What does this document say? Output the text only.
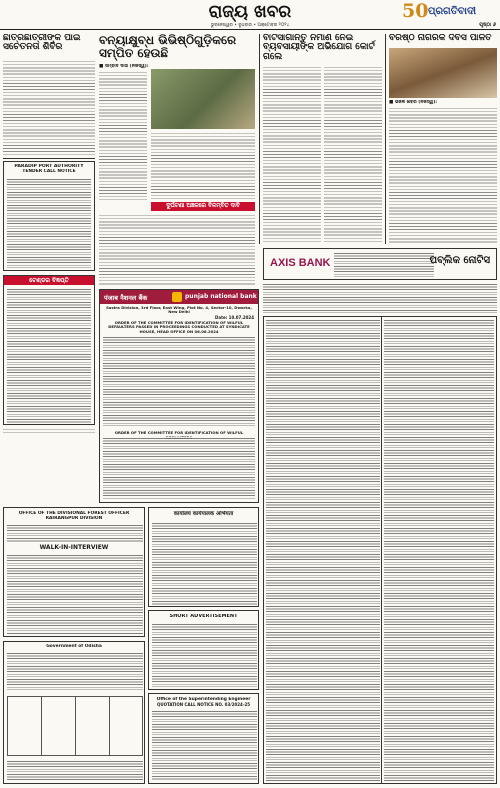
ରାଜ୍ୟ ଖବର
ଭୁବନେଶ୍ୱର • ବୁଧବାର • ଅକ୍ଟୋବର ୨୦୨୪	ପୃଷ୍ଠା ୬
50 ପ୍ରଗତିବାଦୀ
ଛାତ୍ରଛାତ୍ରୀଙ୍କ ପାଇଁ ସଚେତନତା ଶିବିର
PARADIP PORT AUTHORITY
TENDER CALL NOTICE
ଟେଣ୍ଡର ବିଜ୍ଞପ୍ତି
ବନ୍ୟାକ୍ଷୁବ୍ଧ ଭିଭିଷ୍ଠିଗୁଡ଼ିକରେ ସମ୍ପିତ ହେଉଛି
■ ସମ୍ବାଦ ଦାତା (ନିଜସ୍ୱ):
ଦୁର୍ଘଟଣା ଅଞ୍ଚଳରେ ବିଳମ୍ବିତ ଦାବି
ବାଟସାଗାନ୍ତୁ ନିର୍ମାଣ ନେଇ ବ୍ୟବସାୟୀଙ୍କ ଅଭିଯୋଗ କୋର୍ଟ ଗଲେ
ବରିଷ୍ଠ ନାଗରିକ ଦିବସ ପାଳିତ
■ ଭିଜଳ ଖବର (ନିଜସ୍ୱ):
AXIS BANK	ପବ୍ଲିକ ନୋଟିସ
पंजाब नैशनल बैंक	punjab national bank
Sastra Division, 3rd Floor, East Wing, Plot No. 4, Sector-10, Dwarka, New Delhi
Date: 10.07.2024
ORDER OF THE COMMITTEE FOR IDENTIFICATION OF WILFUL DEFAULTERS PASSED IN PROCEEDINGS CONDUCTED AT SYNDICATE HOUSE, HEAD OFFICE ON 06.06.2024
ORDER OF THE COMMITTEE FOR IDENTIFICATION OF WILFUL
OFFICE OF THE DIVISIONAL FOREST OFFICER
RAIRANGPUR DIVISION
WALK-IN-INTERVIEW
Government of Odisha
कार्यालय कार्यपालक अभियंता
SHORT ADVERTISEMENT
Office of the Superintending Engineer
QUOTATION CALL NOTICE NO. 03/2024-25
